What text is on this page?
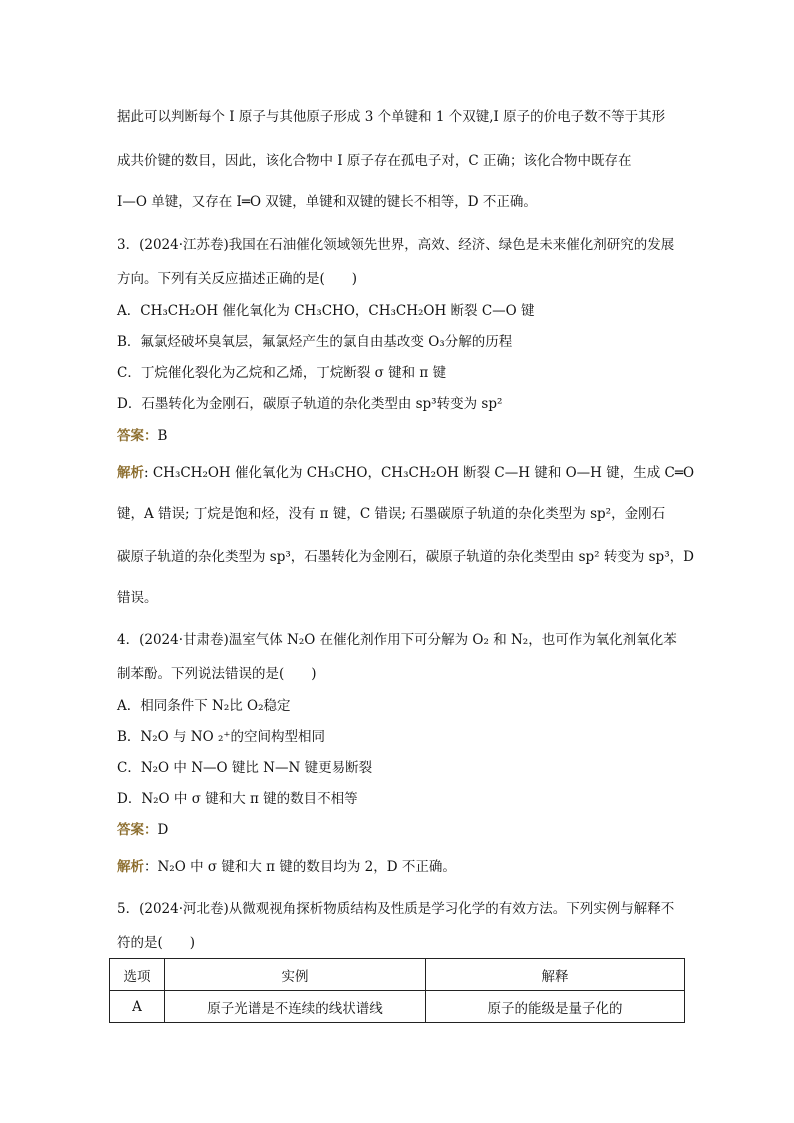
据此可以判断每个 I 原子与其他原子形成 3 个单键和 1 个双键,I 原子的价电子数不等于其形
成共价键的数目，因此，该化合物中 I 原子存在孤电子对，C 正确；该化合物中既存在
I—O 单键，又存在 I═O 双键，单键和双键的键长不相等，D 不正确。
3．(2024·江苏卷)我国在石油催化领域领先世界，高效、经济、绿色是未来催化剂研究的发展
方向。下列有关反应描述正确的是(　　)
A．CH₃CH₂OH 催化氧化为 CH₃CHO，CH₃CH₂OH 断裂 C—O 键
B．氟氯烃破坏臭氧层，氟氯烃产生的氯自由基改变 O₃分解的历程
C．丁烷催化裂化为乙烷和乙烯，丁烷断裂 σ 键和 π 键
D．石墨转化为金刚石，碳原子轨道的杂化类型由 sp³转变为 sp²
答案：B
解析: CH₃CH₂OH 催化氧化为 CH₃CHO，CH₃CH₂OH 断裂 C—H 键和 O—H 键，生成 C═O
键，A 错误; 丁烷是饱和烃，没有 π 键，C 错误; 石墨碳原子轨道的杂化类型为 sp²，金刚石
碳原子轨道的杂化类型为 sp³，石墨转化为金刚石，碳原子轨道的杂化类型由 sp² 转变为 sp³，D
错误。
4．(2024·甘肃卷)温室气体 N₂O 在催化剂作用下可分解为 O₂ 和 N₂，也可作为氧化剂氧化苯
制苯酚。下列说法错误的是(　　)
A．相同条件下 N₂比 O₂稳定
B．N₂O 与 NO ₂⁺的空间构型相同
C．N₂O 中 N—O 键比 N—N 键更易断裂
D．N₂O 中 σ 键和大 π 键的数目不相等
答案：D
解析：N₂O 中 σ 键和大 π 键的数目均为 2，D 不正确。
5．(2024·河北卷)从微观视角探析物质结构及性质是学习化学的有效方法。下列实例与解释不
符的是(　　)
选项	实例	解释
A	原子光谱是不连续的线状谱线	原子的能级是量子化的
